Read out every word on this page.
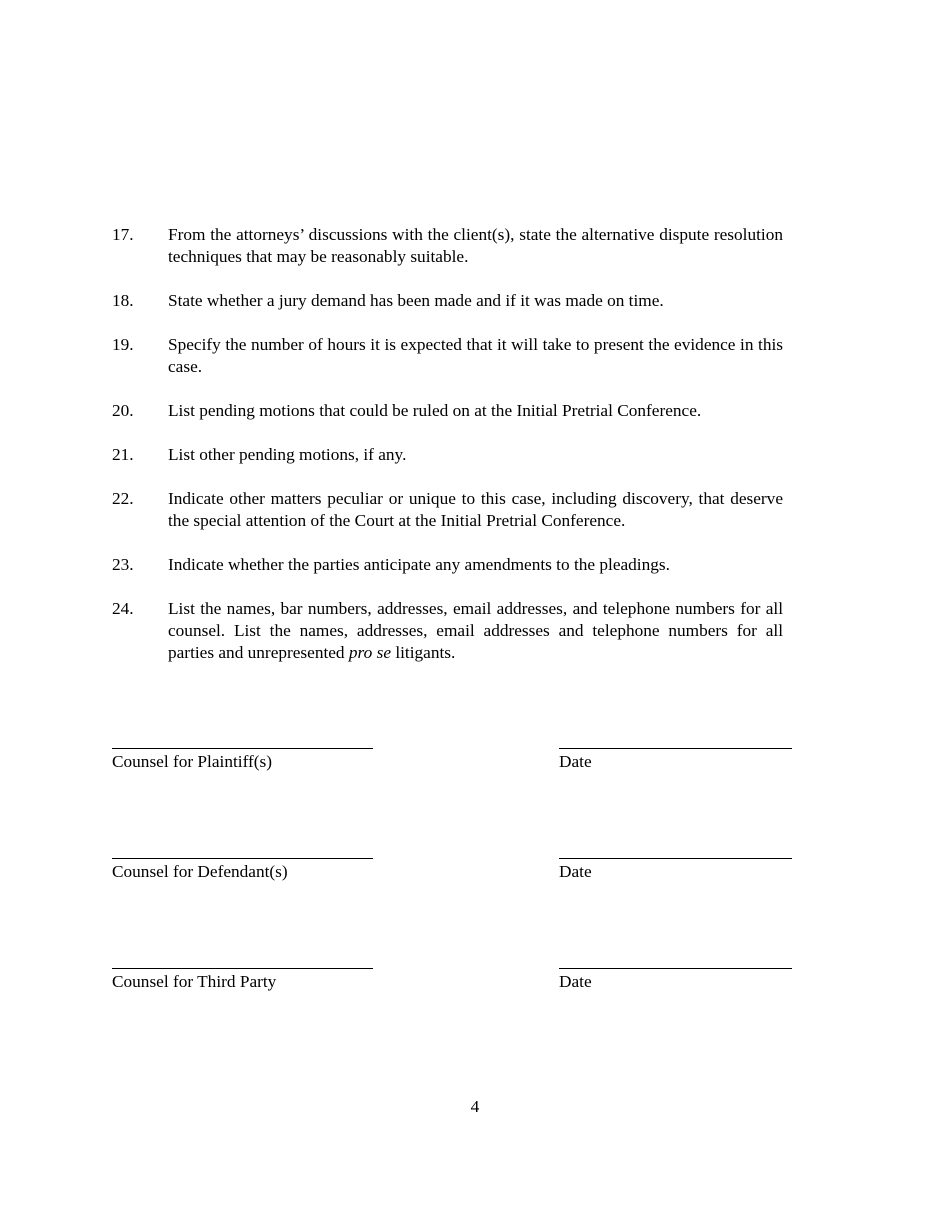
17.	From the attorneys’ discussions with the client(s), state the alternative dispute resolution techniques that may be reasonably suitable.
18.	State whether a jury demand has been made and if it was made on time.
19.	Specify the number of hours it is expected that it will take to present the evidence in this case.
20.	List pending motions that could be ruled on at the Initial Pretrial Conference.
21.	List other pending motions, if any.
22.	Indicate other matters peculiar or unique to this case, including discovery, that deserve the special attention of the Court at the Initial Pretrial Conference.
23.	Indicate whether the parties anticipate any amendments to the pleadings.
24.	List the names, bar numbers, addresses, email addresses, and telephone numbers for all counsel. List the names, addresses, email addresses and telephone numbers for all parties and unrepresented pro se litigants.
Counsel for Plaintiff(s)	Date
Counsel for Defendant(s)	Date
Counsel for Third Party	Date
4
